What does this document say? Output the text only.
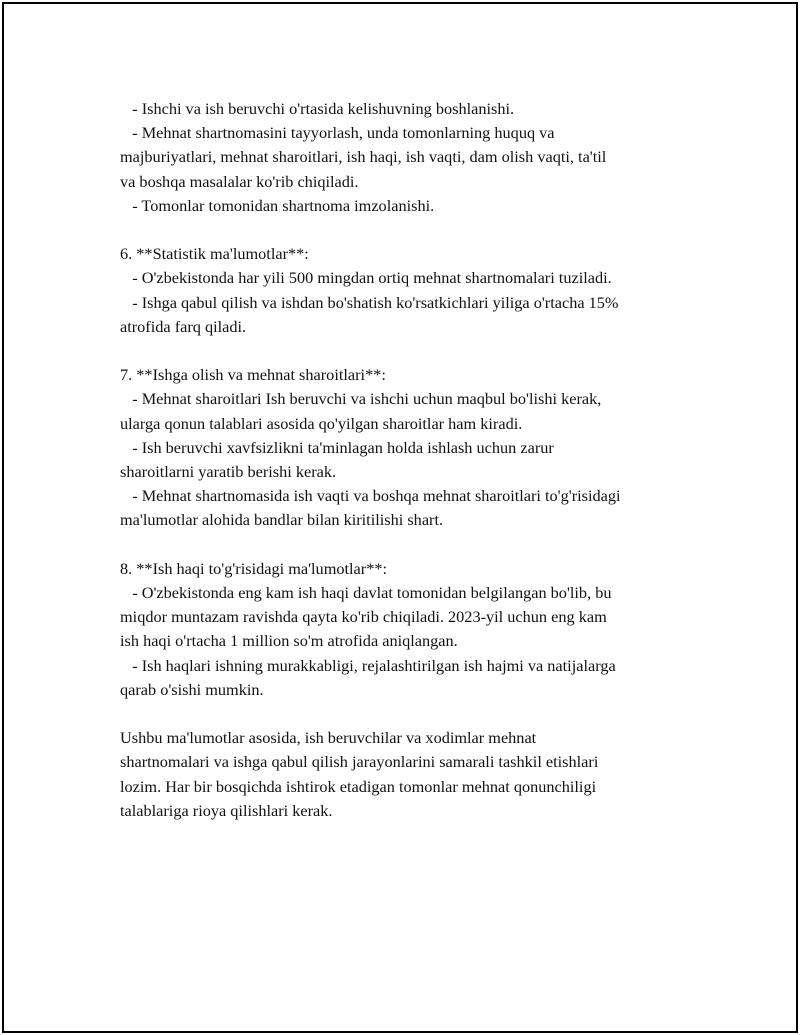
- Ishchi va ish beruvchi o'rtasida kelishuvning boshlanishi.
- Mehnat shartnomasini tayyorlash, unda tomonlarning huquq va
majburiyatlari, mehnat sharoitlari, ish haqi, ish vaqti, dam olish vaqti, ta'til
va boshqa masalalar ko'rib chiqiladi.
- Tomonlar tomonidan shartnoma imzolanishi.
6. **Statistik ma'lumotlar**:
- O'zbekistonda har yili 500 mingdan ortiq mehnat shartnomalari tuziladi.
- Ishga qabul qilish va ishdan bo'shatish ko'rsatkichlari yiliga o'rtacha 15%
atrofida farq qiladi.
7. **Ishga olish va mehnat sharoitlari**:
- Mehnat sharoitlari Ish beruvchi va ishchi uchun maqbul bo'lishi kerak,
ularga qonun talablari asosida qo'yilgan sharoitlar ham kiradi.
- Ish beruvchi xavfsizlikni ta'minlagan holda ishlash uchun zarur
sharoitlarni yaratib berishi kerak.
- Mehnat shartnomasida ish vaqti va boshqa mehnat sharoitlari to'g'risidagi
ma'lumotlar alohida bandlar bilan kiritilishi shart.
8. **Ish haqi to'g'risidagi ma'lumotlar**:
- O'zbekistonda eng kam ish haqi davlat tomonidan belgilangan bo'lib, bu
miqdor muntazam ravishda qayta ko'rib chiqiladi. 2023-yil uchun eng kam
ish haqi o'rtacha 1 million so'm atrofida aniqlangan.
- Ish haqlari ishning murakkabligi, rejalashtirilgan ish hajmi va natijalarga
qarab o'sishi mumkin.
Ushbu ma'lumotlar asosida, ish beruvchilar va xodimlar mehnat
shartnomalari va ishga qabul qilish jarayonlarini samarali tashkil etishlari
lozim. Har bir bosqichda ishtirok etadigan tomonlar mehnat qonunchiligi
talablariga rioya qilishlari kerak.
